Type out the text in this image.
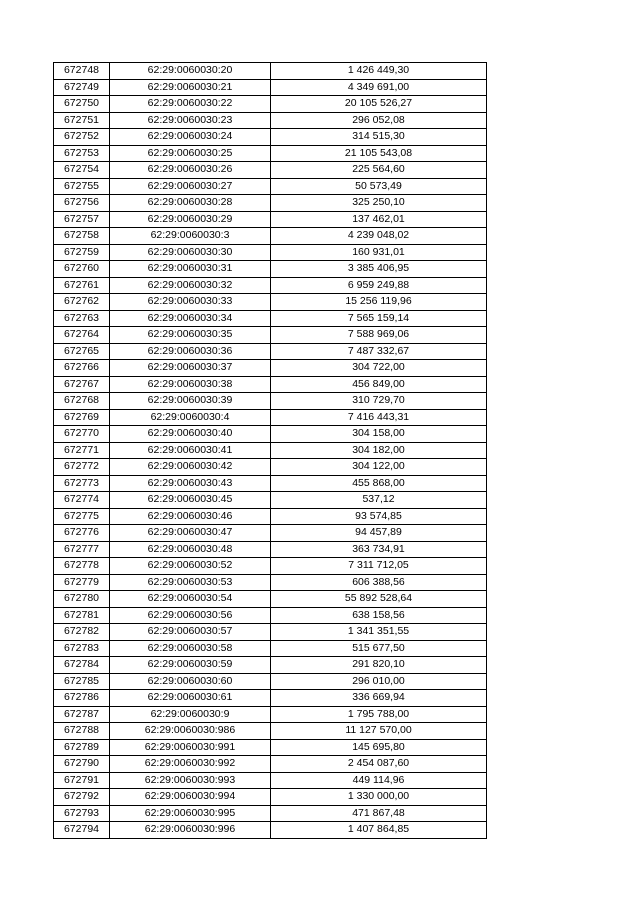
672748	62:29:0060030:20	1 426 449,30
672749	62:29:0060030:21	4 349 691,00
672750	62:29:0060030:22	20 105 526,27
672751	62:29:0060030:23	296 052,08
672752	62:29:0060030:24	314 515,30
672753	62:29:0060030:25	21 105 543,08
672754	62:29:0060030:26	225 564,60
672755	62:29:0060030:27	50 573,49
672756	62:29:0060030:28	325 250,10
672757	62:29:0060030:29	137 462,01
672758	62:29:0060030:3	4 239 048,02
672759	62:29:0060030:30	160 931,01
672760	62:29:0060030:31	3 385 406,95
672761	62:29:0060030:32	6 959 249,88
672762	62:29:0060030:33	15 256 119,96
672763	62:29:0060030:34	7 565 159,14
672764	62:29:0060030:35	7 588 969,06
672765	62:29:0060030:36	7 487 332,67
672766	62:29:0060030:37	304 722,00
672767	62:29:0060030:38	456 849,00
672768	62:29:0060030:39	310 729,70
672769	62:29:0060030:4	7 416 443,31
672770	62:29:0060030:40	304 158,00
672771	62:29:0060030:41	304 182,00
672772	62:29:0060030:42	304 122,00
672773	62:29:0060030:43	455 868,00
672774	62:29:0060030:45	537,12
672775	62:29:0060030:46	93 574,85
672776	62:29:0060030:47	94 457,89
672777	62:29:0060030:48	363 734,91
672778	62:29:0060030:52	7 311 712,05
672779	62:29:0060030:53	606 388,56
672780	62:29:0060030:54	55 892 528,64
672781	62:29:0060030:56	638 158,56
672782	62:29:0060030:57	1 341 351,55
672783	62:29:0060030:58	515 677,50
672784	62:29:0060030:59	291 820,10
672785	62:29:0060030:60	296 010,00
672786	62:29:0060030:61	336 669,94
672787	62:29:0060030:9	1 795 788,00
672788	62:29:0060030:986	11 127 570,00
672789	62:29:0060030:991	145 695,80
672790	62:29:0060030:992	2 454 087,60
672791	62:29:0060030:993	449 114,96
672792	62:29:0060030:994	1 330 000,00
672793	62:29:0060030:995	471 867,48
672794	62:29:0060030:996	1 407 864,85
